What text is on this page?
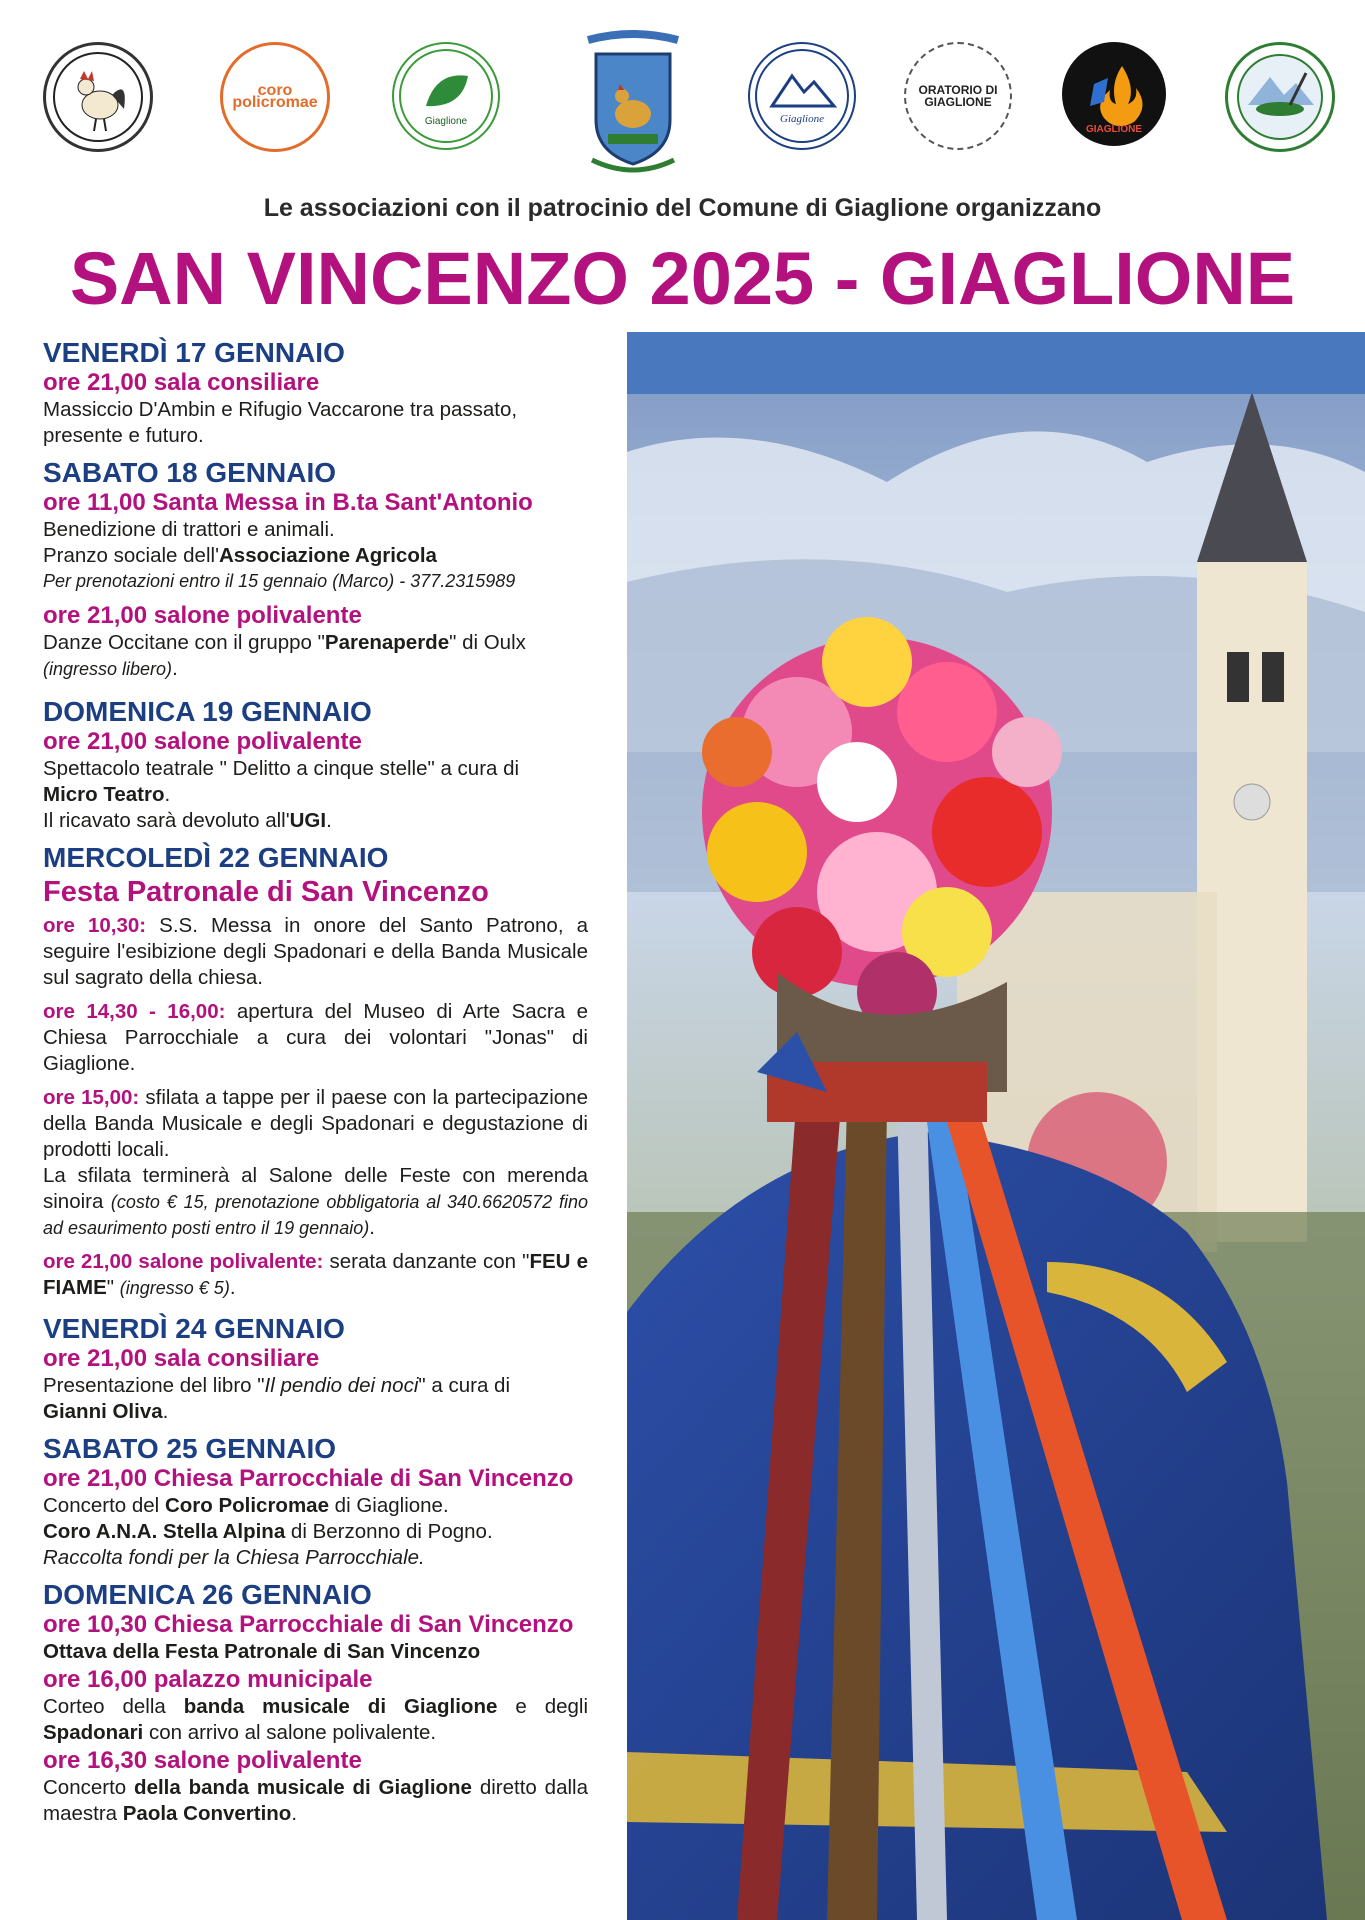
coro policromae
Giaglione	Giaglione
ORATORIO DI GIAGLIONE
GIAGLIONE
Le associazioni con il patrocinio del Comune di Giaglione organizzano
SAN VINCENZO 2025 - GIAGLIONE
VENERDÌ 17 GENNAIO
ore 21,00 sala consiliare
Massiccio D'Ambin e Rifugio Vaccarone tra passato, presente e futuro.
SABATO 18 GENNAIO
ore 11,00 Santa Messa in B.ta Sant'Antonio
Benedizione di trattori e animali.
Pranzo sociale dell'Associazione Agricola
Per prenotazioni entro il 15 gennaio (Marco) - 377.2315989
ore 21,00 salone polivalente
Danze Occitane con il gruppo "Parenaperde" di Oulx
(ingresso libero).
DOMENICA 19 GENNAIO
ore 21,00 salone polivalente
Spettacolo teatrale " Delitto a cinque stelle" a cura di
Micro Teatro.
Il ricavato sarà devoluto all'UGI.
MERCOLEDÌ 22 GENNAIO
Festa Patronale di San Vincenzo
ore 10,30: S.S. Messa in onore del Santo Patrono, a seguire l'esibizione degli Spadonari e della Banda Musicale sul sagrato della chiesa.
ore 14,30 - 16,00: apertura del Museo di Arte Sacra e Chiesa Parrocchiale a cura dei volontari "Jonas" di Giaglione.
ore 15,00: sfilata a tappe per il paese con la partecipazione della Banda Musicale e degli Spadonari e degustazione di prodotti locali.
La sfilata terminerà al Salone delle Feste con merenda sinoira (costo € 15, prenotazione obbligatoria al 340.6620572 fino ad esaurimento posti entro il 19 gennaio).
ore 21,00 salone polivalente: serata danzante con "FEU e FIAME" (ingresso € 5).
VENERDÌ 24 GENNAIO
ore 21,00 sala consiliare
Presentazione del libro "Il pendio dei noci" a cura di
Gianni Oliva.
SABATO 25 GENNAIO
ore 21,00 Chiesa Parrocchiale di San Vincenzo
Concerto del Coro Policromae di Giaglione.
Coro A.N.A. Stella Alpina di Berzonno di Pogno.
Raccolta fondi per la Chiesa Parrocchiale.
DOMENICA 26 GENNAIO
ore 10,30 Chiesa Parrocchiale di San Vincenzo
Ottava della Festa Patronale di San Vincenzo
ore 16,00 palazzo municipale
Corteo della banda musicale di Giaglione e degli Spadonari con arrivo al salone polivalente.
ore 16,30 salone polivalente
Concerto della banda musicale di Giaglione diretto dalla maestra Paola Convertino.
